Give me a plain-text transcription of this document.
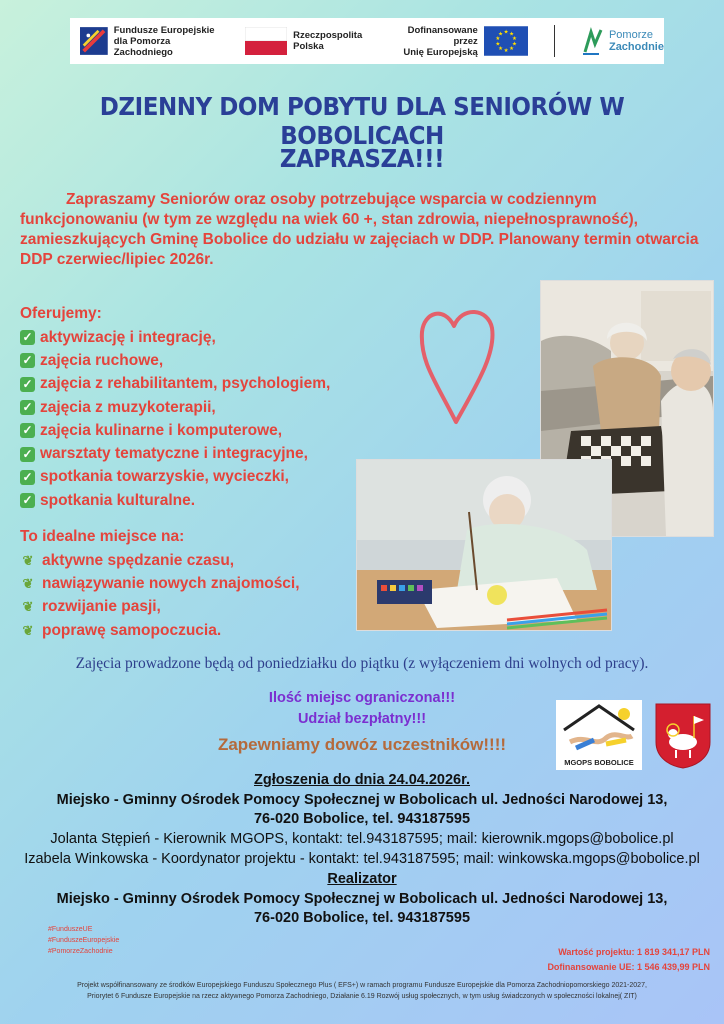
Fundusze Europejskie
dla Pomorza Zachodniego
Rzeczpospolita
Polska
Dofinansowane przez
Unię Europejską
★ ★
★
★
★
★
★
★
★
★	Pomorze
Zachodnie
DZIENNY DOM POBYTU DLA SENIORÓW W BOBOLICACH
ZAPRASZA!!!
Zapraszamy Seniorów oraz osoby potrzebujące wsparcia w codziennym funkcjonowaniu (w tym ze względu na wiek 60 +, stan zdrowia, niepełnosprawność), zamieszkujących Gminę Bobolice do udziału w zajęciach w DDP. Planowany termin otwarcia DDP czerwiec/lipiec 2026r.
Oferujemy:
✓ aktywizację i integrację,
✓ zajęcia ruchowe,
✓ zajęcia z rehabilitantem, psychologiem,
✓ zajęcia z muzykoterapii,
✓ zajęcia kulinarne i komputerowe,
✓ warsztaty tematyczne i integracyjne,
✓ spotkania towarzyskie, wycieczki,
✓ spotkania kulturalne.
To idealne miejsce na:
❦ aktywne spędzanie czasu,
❦ nawiązywanie nowych znajomości,
❦ rozwijanie pasji,
❦ poprawę samopoczucia.
Zajęcia prowadzone będą od poniedziałku do piątku (z wyłączeniem dni wolnych od pracy).
Ilość miejsc ograniczona!!!
Udział bezpłatny!!!
Zapewniamy dowóz uczestników!!!!
MGOPS BOBOLICE
Zgłoszenia do dnia 24.04.2026r.
Miejsko - Gminny Ośrodek Pomocy Społecznej w Bobolicach ul. Jedności Narodowej 13,
76-020 Bobolice, tel. 943187595
Jolanta Stępień - Kierownik MGOPS, kontakt: tel.943187595; mail: kierownik.mgops@bobolice.pl
Izabela Winkowska - Koordynator projektu - kontakt: tel.943187595; mail: winkowska.mgops@bobolice.pl
Realizator
Miejsko - Gminny Ośrodek Pomocy Społecznej w Bobolicach ul. Jedności Narodowej 13,
76-020 Bobolice, tel. 943187595
#FunduszeUE
#FunduszeEuropejskie
#PomorzeZachodnie	Wartość projektu: 1 819 341,17 PLN
Dofinansowanie UE: 1 546 439,99 PLN
Projekt współfinansowany ze środków Europejskiego Funduszu Społecznego Plus ( EFS+) w ramach programu Fundusze Europejskie dla Pomorza Zachodniopomorskiego 2021-2027,
Priorytet 6 Fundusze Europejskie na rzecz aktywnego Pomorza Zachodniego, Działanie 6.19 Rozwój usług społecznych, w tym usług świadczonych w społeczności lokalnej( ZIT)
